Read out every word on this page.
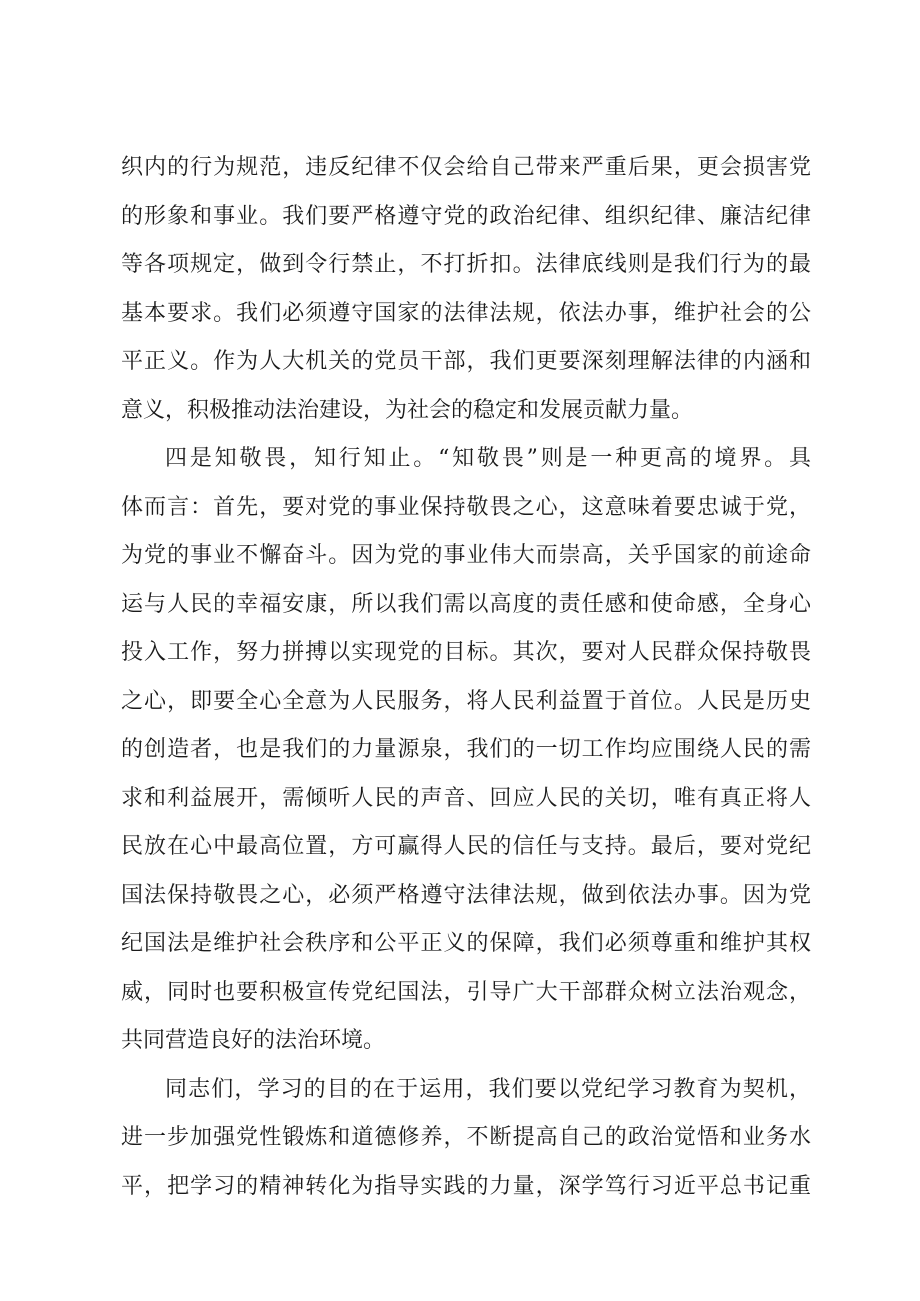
织内的行为规范，违反纪律不仅会给自己带来严重后果，更会损害党
的形象和事业。我们要严格遵守党的政治纪律、组织纪律、廉洁纪律
等各项规定，做到令行禁止，不打折扣。法律底线则是我们行为的最
基本要求。我们必须遵守国家的法律法规，依法办事，维护社会的公
平正义。作为人大机关的党员干部，我们更要深刻理解法律的内涵和
意义，积极推动法治建设，为社会的稳定和发展贡献力量。
四是知敬畏，知行知止。“知敬畏”则是一种更高的境界。具
体而言：首先，要对党的事业保持敬畏之心，这意味着要忠诚于党，
为党的事业不懈奋斗。因为党的事业伟大而崇高，关乎国家的前途命
运与人民的幸福安康，所以我们需以高度的责任感和使命感，全身心
投入工作，努力拼搏以实现党的目标。其次，要对人民群众保持敬畏
之心，即要全心全意为人民服务，将人民利益置于首位。人民是历史
的创造者，也是我们的力量源泉，我们的一切工作均应围绕人民的需
求和利益展开，需倾听人民的声音、回应人民的关切，唯有真正将人
民放在心中最高位置，方可赢得人民的信任与支持。最后，要对党纪
国法保持敬畏之心，必须严格遵守法律法规，做到依法办事。因为党
纪国法是维护社会秩序和公平正义的保障，我们必须尊重和维护其权
威，同时也要积极宣传党纪国法，引导广大干部群众树立法治观念，
共同营造良好的法治环境。
同志们，学习的目的在于运用，我们要以党纪学习教育为契机，
进一步加强党性锻炼和道德修养，不断提高自己的政治觉悟和业务水
平，把学习的精神转化为指导实践的力量，深学笃行习近平总书记重
